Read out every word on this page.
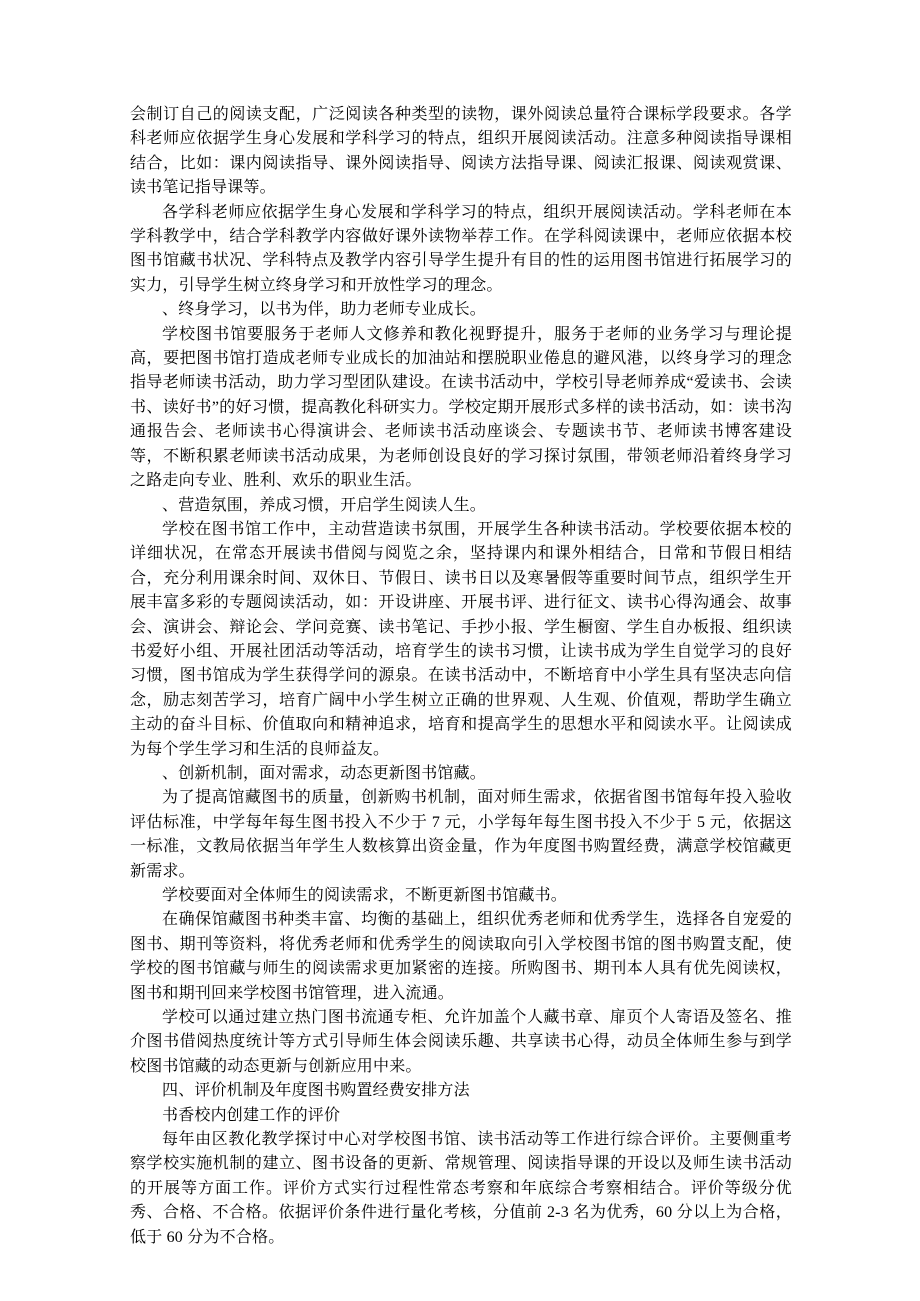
会制订自己的阅读支配，广泛阅读各种类型的读物，课外阅读总量符合课标学段要求。各学科老师应依据学生身心发展和学科学习的特点，组织开展阅读活动。注意多种阅读指导课相结合，比如：课内阅读指导、课外阅读指导、阅读方法指导课、阅读汇报课、阅读观赏课、读书笔记指导课等。

各学科老师应依据学生身心发展和学科学习的特点，组织开展阅读活动。学科老师在本学科教学中，结合学科教学内容做好课外读物举荐工作。在学科阅读课中，老师应依据本校图书馆藏书状况、学科特点及教学内容引导学生提升有目的性的运用图书馆进行拓展学习的实力，引导学生树立终身学习和开放性学习的理念。

、终身学习，以书为伴，助力老师专业成长。

学校图书馆要服务于老师人文修养和教化视野提升，服务于老师的业务学习与理论提高，要把图书馆打造成老师专业成长的加油站和摆脱职业倦息的避风港，以终身学习的理念指导老师读书活动，助力学习型团队建设。在读书活动中，学校引导老师养成“爱读书、会读书、读好书”的好习惯，提高教化科研实力。学校定期开展形式多样的读书活动，如：读书沟通报告会、老师读书心得演讲会、老师读书活动座谈会、专题读书节、老师读书博客建设等，不断积累老师读书活动成果，为老师创设良好的学习探讨氛围，带领老师沿着终身学习之路走向专业、胜利、欢乐的职业生活。

、营造氛围，养成习惯，开启学生阅读人生。

学校在图书馆工作中，主动营造读书氛围，开展学生各种读书活动。学校要依据本校的详细状况，在常态开展读书借阅与阅览之余，坚持课内和课外相结合，日常和节假日相结合，充分利用课余时间、双休日、节假日、读书日以及寒暑假等重要时间节点，组织学生开展丰富多彩的专题阅读活动，如：开设讲座、开展书评、进行征文、读书心得沟通会、故事会、演讲会、辩论会、学问竞赛、读书笔记、手抄小报、学生橱窗、学生自办板报、组织读书爱好小组、开展社团活动等活动，培育学生的读书习惯，让读书成为学生自觉学习的良好习惯，图书馆成为学生获得学问的源泉。在读书活动中，不断培育中小学生具有坚决志向信念，励志刻苦学习，培育广阔中小学生树立正确的世界观、人生观、价值观，帮助学生确立主动的奋斗目标、价值取向和精神追求，培育和提高学生的思想水平和阅读水平。让阅读成为每个学生学习和生活的良师益友。

、创新机制，面对需求，动态更新图书馆藏。

为了提高馆藏图书的质量，创新购书机制，面对师生需求，依据省图书馆每年投入验收评估标准，中学每年每生图书投入不少于 7 元，小学每年每生图书投入不少于 5 元，依据这一标准，文教局依据当年学生人数核算出资金量，作为年度图书购置经费，满意学校馆藏更新需求。

学校要面对全体师生的阅读需求，不断更新图书馆藏书。

在确保馆藏图书种类丰富、均衡的基础上，组织优秀老师和优秀学生，选择各自宠爱的图书、期刊等资料，将优秀老师和优秀学生的阅读取向引入学校图书馆的图书购置支配，使学校的图书馆藏与师生的阅读需求更加紧密的连接。所购图书、期刊本人具有优先阅读权，图书和期刊回来学校图书馆管理，进入流通。

学校可以通过建立热门图书流通专柜、允许加盖个人藏书章、扉页个人寄语及签名、推介图书借阅热度统计等方式引导师生体会阅读乐趣、共享读书心得，动员全体师生参与到学校图书馆藏的动态更新与创新应用中来。

四、评价机制及年度图书购置经费安排方法

书香校内创建工作的评价

每年由区教化教学探讨中心对学校图书馆、读书活动等工作进行综合评价。主要侧重考察学校实施机制的建立、图书设备的更新、常规管理、阅读指导课的开设以及师生读书活动的开展等方面工作。评价方式实行过程性常态考察和年底综合考察相结合。评价等级分优秀、合格、不合格。依据评价条件进行量化考核，分值前 2-3 名为优秀，60 分以上为合格，低于 60 分为不合格。
